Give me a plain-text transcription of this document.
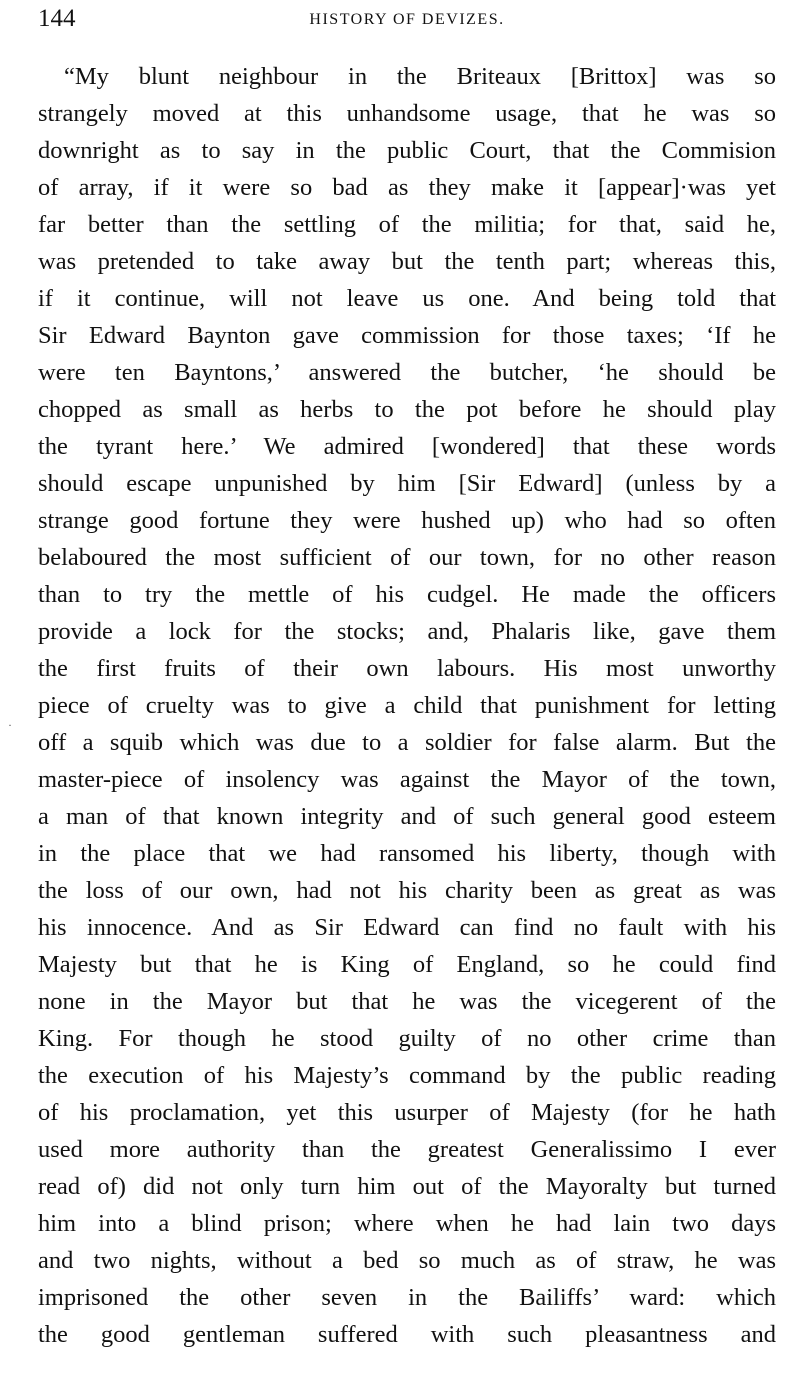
144	HISTORY OF DEVIZES.
·
“My blunt neighbour in the Briteaux [Brittox] was so
strangely moved at this unhandsome usage, that he was so
downright as to say in the public Court, that the Commision
of array, if it were so bad as they make it [appear]·was yet
far better than the settling of the militia; for that, said he,
was pretended to take away but the tenth part; whereas this,
if it continue, will not leave us one. And being told that
Sir Edward Baynton gave commission for those taxes; ‘If he
were ten Bayntons,’ answered the butcher, ‘he should be
chopped as small as herbs to the pot before he should play
the tyrant here.’ We admired [wondered] that these words
should escape unpunished by him [Sir Edward] (unless by a
strange good fortune they were hushed up) who had so often
belaboured the most sufficient of our town, for no other reason
than to try the mettle of his cudgel. He made the officers
provide a lock for the stocks; and, Phalaris like, gave them
the first fruits of their own labours. His most unworthy
piece of cruelty was to give a child that punishment for letting
off a squib which was due to a soldier for false alarm. But the
master-piece of insolency was against the Mayor of the town,
a man of that known integrity and of such general good esteem
in the place that we had ransomed his liberty, though with
the loss of our own, had not his charity been as great as was
his innocence. And as Sir Edward can find no fault with his
Majesty but that he is King of England, so he could find
none in the Mayor but that he was the vicegerent of the
King. For though he stood guilty of no other crime than
the execution of his Majesty’s command by the public reading
of his proclamation, yet this usurper of Majesty (for he hath
used more authority than the greatest Generalissimo I ever
read of) did not only turn him out of the Mayoralty but turned
him into a blind prison; where when he had lain two days
and two nights, without a bed so much as of straw, he was
imprisoned the other seven in the Bailiffs’ ward: which
the good gentleman suffered with such pleasantness and
